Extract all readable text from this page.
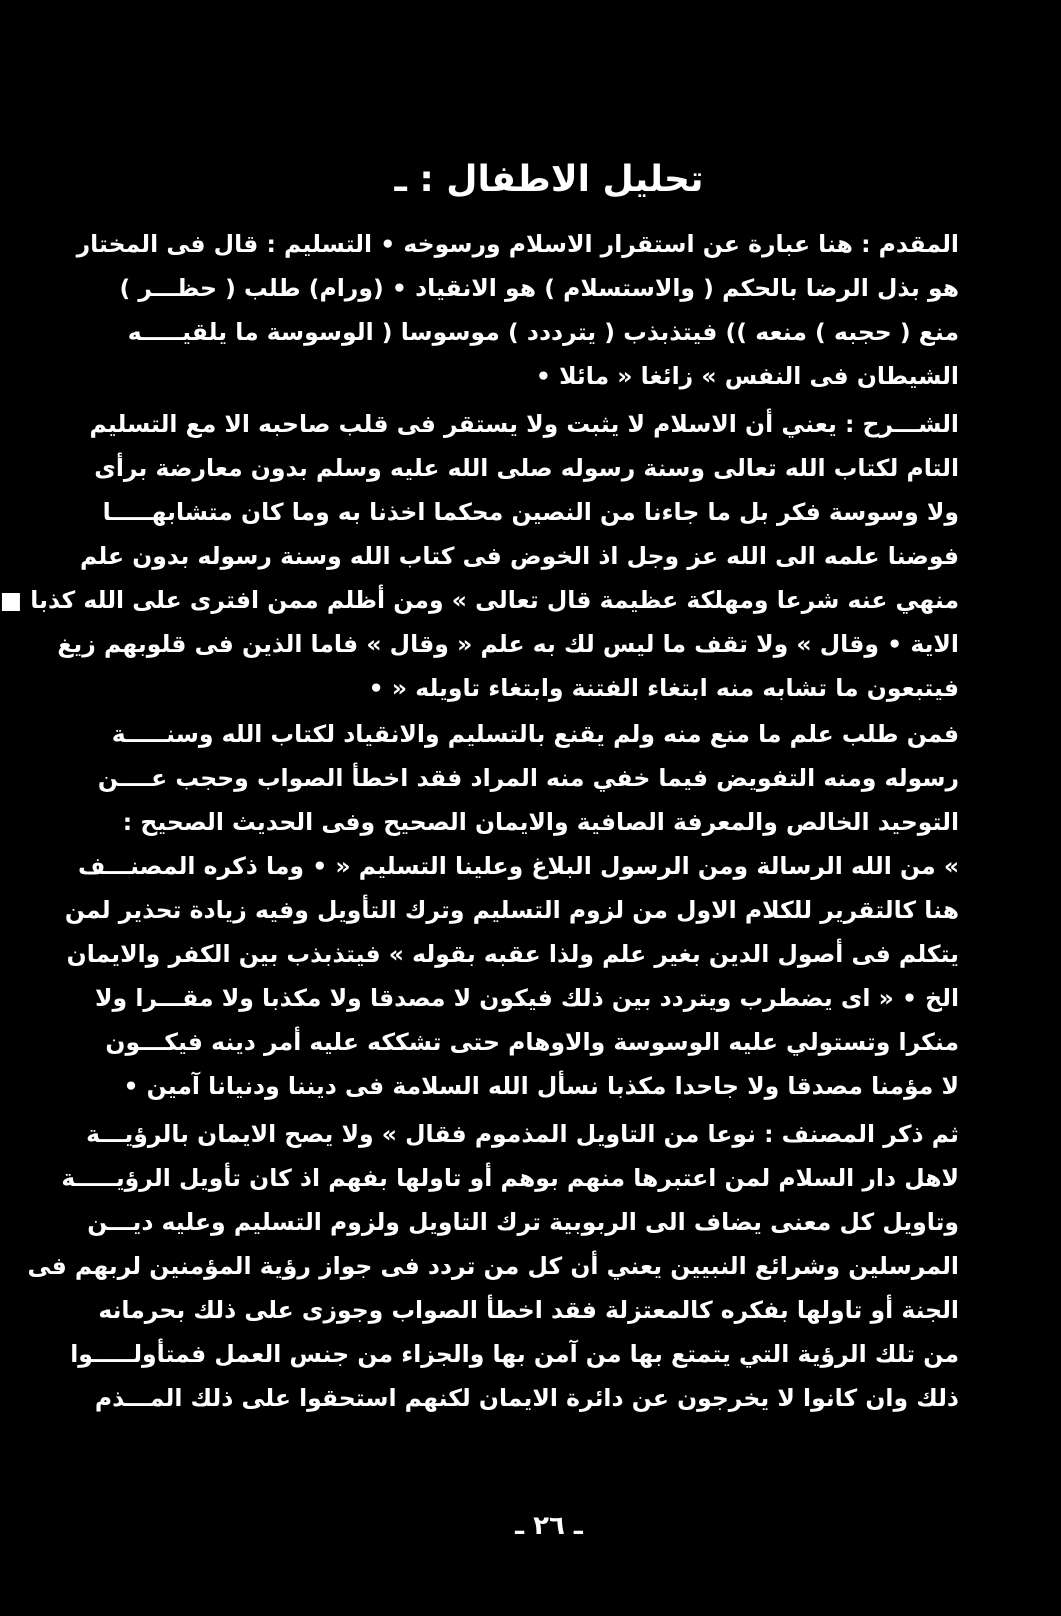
تحليل الاطفال : ـ
المقدم : هنا عبارة عن استقرار الاسلام ورسوخه • التسليم : قال فى المختار
هو بذل الرضا بالحكم ( والاستسلام ) هو الانقياد • (ورام) طلب ( حظـــر )
منع ( حجبه ) منعه )) فيتذبذب ( يترددد ) موسوسا ( الوسوسة ما يلقيـــــه
الشيطان فى النفس » زائغا « مائلا •
الشـــرح : يعني أن الاسلام لا يثبت ولا يستقر فى قلب صاحبه الا مع التسليم
التام لكتاب الله تعالى وسنة رسوله صلى الله عليه وسلم بدون معارضة برأى
ولا وسوسة فكر بل ما جاءنا من النصين محكما اخذنا به وما كان متشابهـــــا
فوضنا علمه الى الله عز وجل اذ الخوض فى كتاب الله وسنة رسوله بدون علم
منهي عنه شرعا ومهلكة عظيمة قال تعالى » ومن أظلم ممن افترى على الله كذبا ■
الاية • وقال » ولا تقف ما ليس لك به علم « وقال » فاما الذين فى قلوبهم زيغ
فيتبعون ما تشابه منه ابتغاء الفتنة وابتغاء تاويله « •
فمن طلب علم ما منع منه ولم يقنع بالتسليم والانقياد لكتاب الله وسنـــــة
رسوله ومنه التفويض فيما خفي منه المراد فقد اخطأ الصواب وحجب عــــن
التوحيد الخالص والمعرفة الصافية والايمان الصحيح وفى الحديث الصحيح :
» من الله الرسالة ومن الرسول البلاغ وعلينا التسليم « • وما ذكره المصنـــف
هنا كالتقرير للكلام الاول من لزوم التسليم وترك التأويل وفيه زيادة تحذير لمن
يتكلم فى أصول الدين بغير علم ولذا عقبه بقوله » فيتذبذب بين الكفر والايمان
الخ • « اى يضطرب ويتردد بين ذلك فيكون لا مصدقا ولا مكذبا ولا مقـــرا ولا
منكرا وتستولي عليه الوسوسة والاوهام حتى تشككه عليه أمر دينه فيكـــون
لا مؤمنا مصدقا ولا جاحدا مكذبا نسأل الله السلامة فى ديننا ودنيانا آمين •
ثم ذكر المصنف : نوعا من التاويل المذموم فقال » ولا يصح الايمان بالرؤيـــة
لاهل دار السلام لمن اعتبرها منهم بوهم أو تاولها بفهم اذ كان تأويل الرؤيـــــة
وتاويل كل معنى يضاف الى الربوبية ترك التاويل ولزوم التسليم وعليه ديـــن
المرسلين وشرائع النبيين يعني أن كل من تردد فى جواز رؤية المؤمنين لربهم فى
الجنة أو تاولها بفكره كالمعتزلة فقد اخطأ الصواب وجوزى على ذلك بحرمانه
من تلك الرؤية التي يتمتع بها من آمن بها والجزاء من جنس العمل فمتأولـــــوا
ذلك وان كانوا لا يخرجون عن دائرة الايمان لكنهم استحقوا على ذلك المـــذم
ـ ٢٦ ـ
